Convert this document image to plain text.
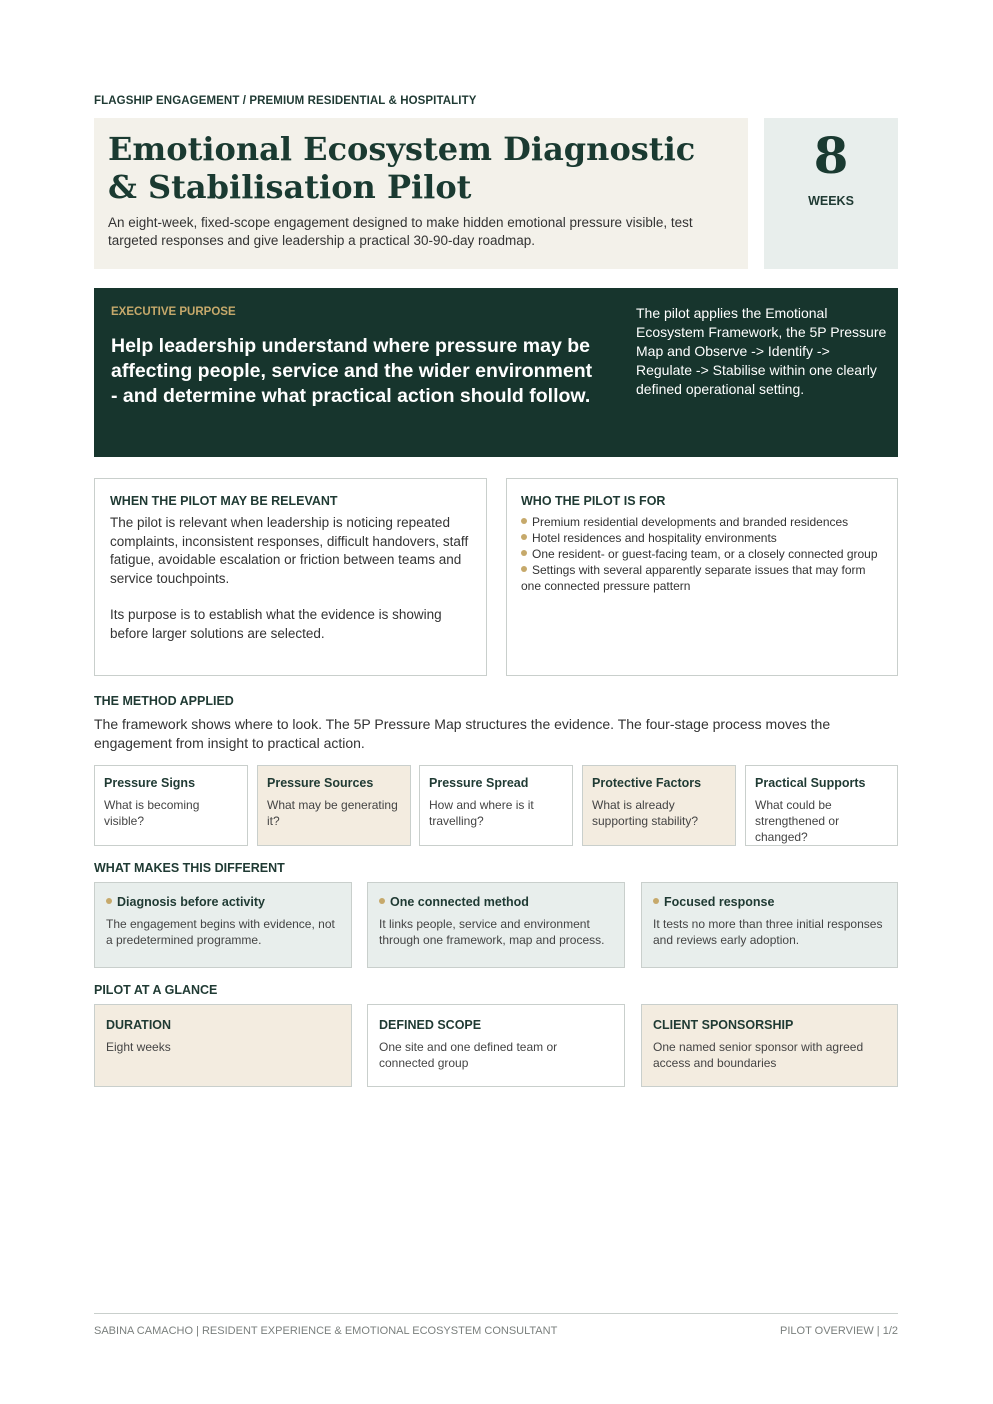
FLAGSHIP ENGAGEMENT / PREMIUM RESIDENTIAL & HOSPITALITY
Emotional Ecosystem Diagnostic & Stabilisation Pilot

An eight-week, fixed-scope engagement designed to make hidden emotional pressure visible, test targeted responses and give leadership a practical 30-90-day roadmap.

8
WEEKS
EXECUTIVE PURPOSE
Help leadership understand where pressure may be affecting people, service and the wider environment - and determine what practical action should follow.
The pilot applies the Emotional Ecosystem Framework, the 5P Pressure Map and Observe -> Identify -> Regulate -> Stabilise within one clearly defined operational setting.
WHEN THE PILOT MAY BE RELEVANT

The pilot is relevant when leadership is noticing repeated complaints, inconsistent responses, difficult handovers, staff fatigue, avoidable escalation or friction between teams and service touchpoints.

Its purpose is to establish what the evidence is showing before larger solutions are selected.

WHO THE PILOT IS FOR
Premium residential developments and branded residences
Hotel residences and hospitality environments
One resident- or guest-facing team, or a closely connected group
Settings with several apparently separate issues that may form one connected pressure pattern
THE METHOD APPLIED
The framework shows where to look. The 5P Pressure Map structures the evidence. The four-stage process moves the engagement from insight to practical action.
Pressure Signs

What is becoming visible?

Pressure Sources

What may be generating it?

Pressure Spread

How and where is it travelling?

Protective Factors

What is already supporting stability?

Practical Supports

What could be strengthened or changed?

WHAT MAKES THIS DIFFERENT
Diagnosis before activity

The engagement begins with evidence, not a predetermined programme.

One connected method

It links people, service and environment through one framework, map and process.

Focused response

It tests no more than three initial responses and reviews early adoption.

PILOT AT A GLANCE
DURATION

Eight weeks

DEFINED SCOPE

One site and one defined team or connected group

CLIENT SPONSORSHIP

One named senior sponsor with agreed access and boundaries

SABINA CAMACHO | RESIDENT EXPERIENCE & EMOTIONAL ECOSYSTEM CONSULTANT	PILOT OVERVIEW | 1/2
